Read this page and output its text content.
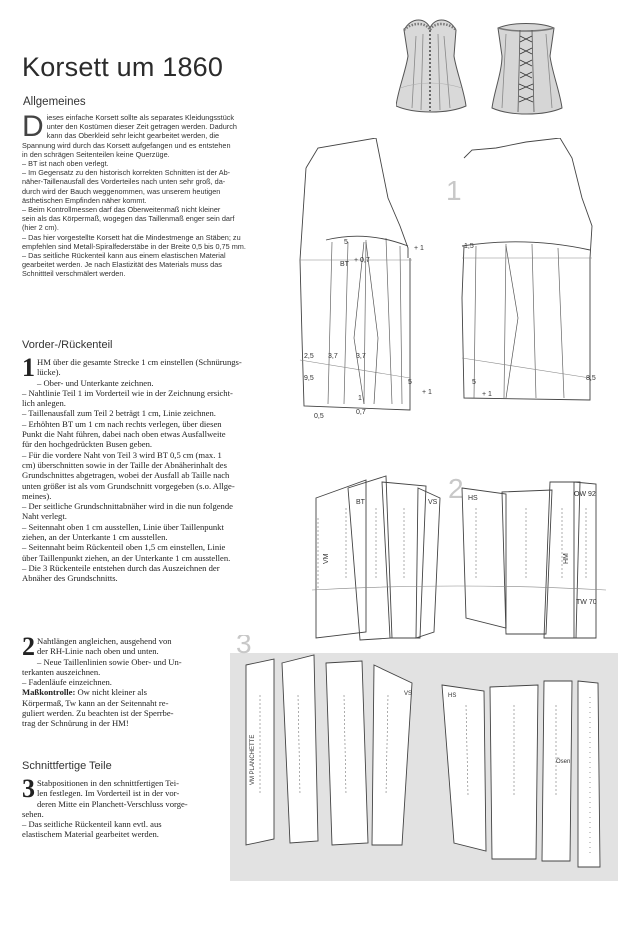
Korsett um 1860
Allgemeines
D ieses einfache Korsett sollte als separates Kleidungsstück
unter den Kostümen dieser Zeit getragen werden. Dadurch
kann das Oberkleid sehr leicht gearbeitet werden, die
Spannung wird durch das Korsett aufgefangen und es entstehen
in den schrägen Seitenteilen keine Querzüge.
– BT ist nach oben verlegt.
– Im Gegensatz zu den historisch korrekten Schnitten ist der Ab-
näher-Taillenausfall des Vorderteiles nach unten sehr groß, da-
durch wird der Bauch weggenommen, was unserem heutigen
ästhetischen Empfinden näher kommt.
– Beim Kontrollmessen darf das Oberweitenmaß nicht kleiner
sein als das Körpermaß, wogegen das Taillenmaß enger sein darf
(hier 2 cm).
– Das hier vorgestellte Korsett hat die Mindestmenge an Stäben; zu
empfehlen sind Metall-Spiralfederstäbe in der Breite 0,5 bis 0,75 mm.
– Das seitliche Rückenteil kann aus einem elastischen Material
gearbeitet werden. Je nach Elastizität des Materials muss das
Schnittteil verschmälert werden.
Vorder-/Rückenteil
1 HM über die gesamte Strecke 1 cm einstellen (Schnürungs-
lücke).
– Ober- und Unterkante zeichnen.
– Nahtlinie Teil 1 im Vorderteil wie in der Zeichnung ersicht-
lich anlegen.
– Taillenausfall zum Teil 2 beträgt 1 cm, Linie zeichnen.
– Erhöhten BT um 1 cm nach rechts verlegen, über diesen
Punkt die Naht führen, dabei nach oben etwas Ausfallweite
für den hochgedrückten Busen geben.
– Für die vordere Naht von Teil 3 wird BT 0,5 cm (max. 1
cm) überschnitten sowie in der Taille der Abnäherinhalt des
Grundschnittes abgetragen, wobei der Ausfall ab Taille nach
unten größer ist als vom Grundschnitt vorgegeben (s.o. Allge-
meines).
– Der seitliche Grundschnittabnäher wird in die nun folgende
Naht verlegt.
– Seitennaht oben 1 cm ausstellen, Linie über Taillenpunkt
ziehen, an der Unterkante 1 cm ausstellen.
– Seitennaht beim Rückenteil oben 1,5 cm einstellen, Linie
über Taillenpunkt ziehen, an der Unterkante 1 cm ausstellen.
– Die 3 Rückenteile entstehen durch das Auszeichnen der
Abnäher des Grundschnitts.
2 Nahtlängen angleichen, ausgehend von
der RH-Linie nach oben und unten.
– Neue Taillenlinien sowie Ober- und Un-
terkanten auszeichnen.
– Fadenläufe einzeichnen.
Maßkontrolle: Ow nicht kleiner als
Körpermaß, Tw kann an der Seitennaht re-
guliert werden. Zu beachten ist der Sperrbe-
trag der Schnürung in der HM!
Schnittfertige Teile
3 Stabpositionen in den schnittfertigen Tei-
len festlegen. Im Vorderteil ist in der vor-
deren Mitte ein Planchett-Verschluss vorge-
sehen.
– Das seitliche Rückenteil kann evtl. aus
elastischem Material gearbeitet werden.
1
5
BT
+ 0,7
+ 1	1,5
2,5 3,7	3,7
9,5
0,5
1
0,7
5	5
+ 1	+ 1
8,5
2
BT	VS
HS
OW 92
TW 70
VM	HM
3
VM PLANCHETTE
VS	HS
Ösen
